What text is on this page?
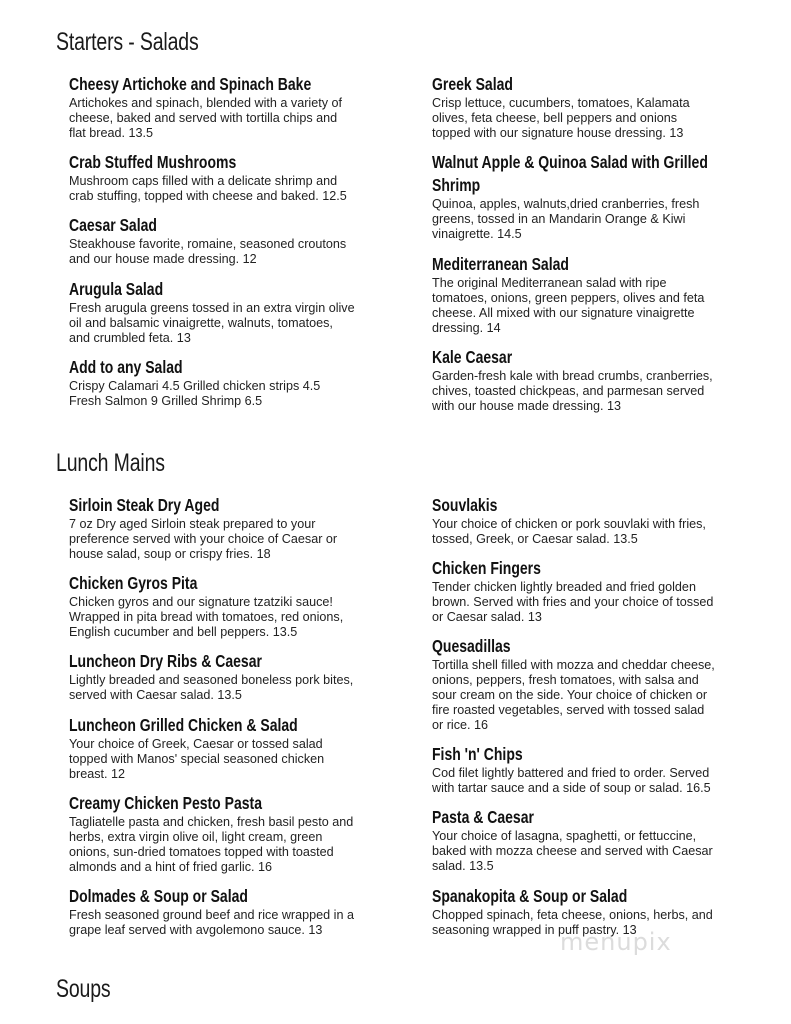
Starters - Salads
Cheesy Artichoke and Spinach Bake
Artichokes and spinach, blended with a variety of
cheese, baked and served with tortilla chips and
flat bread. 13.5
Crab Stuffed Mushrooms
Mushroom caps filled with a delicate shrimp and
crab stuffing, topped with cheese and baked. 12.5
Caesar Salad
Steakhouse favorite, romaine, seasoned croutons
and our house made dressing. 12
Arugula Salad
Fresh arugula greens tossed in an extra virgin olive
oil and balsamic vinaigrette, walnuts, tomatoes,
and crumbled feta. 13
Add to any Salad
Crispy Calamari 4.5 Grilled chicken strips 4.5
Fresh Salmon 9 Grilled Shrimp 6.5
Greek Salad
Crisp lettuce, cucumbers, tomatoes, Kalamata
olives, feta cheese, bell peppers and onions
topped with our signature house dressing. 13
Walnut Apple & Quinoa Salad with Grilled Shrimp
Quinoa, apples, walnuts,dried cranberries, fresh
greens, tossed in an Mandarin Orange & Kiwi
vinaigrette. 14.5
Mediterranean Salad
The original Mediterranean salad with ripe
tomatoes, onions, green peppers, olives and feta
cheese. All mixed with our signature vinaigrette
dressing. 14
Kale Caesar
Garden-fresh kale with bread crumbs, cranberries,
chives, toasted chickpeas, and parmesan served
with our house made dressing. 13
Lunch Mains
Sirloin Steak Dry Aged
7 oz Dry aged Sirloin steak prepared to your
preference served with your choice of Caesar or
house salad, soup or crispy fries. 18
Chicken Gyros Pita
Chicken gyros and our signature tzatziki sauce!
Wrapped in pita bread with tomatoes, red onions,
English cucumber and bell peppers. 13.5
Luncheon Dry Ribs & Caesar
Lightly breaded and seasoned boneless pork bites,
served with Caesar salad. 13.5
Luncheon Grilled Chicken & Salad
Your choice of Greek, Caesar or tossed salad
topped with Manos' special seasoned chicken
breast. 12
Creamy Chicken Pesto Pasta
Tagliatelle pasta and chicken, fresh basil pesto and
herbs, extra virgin olive oil, light cream, green
onions, sun-dried tomatoes topped with toasted
almonds and a hint of fried garlic. 16
Dolmades & Soup or Salad
Fresh seasoned ground beef and rice wrapped in a
grape leaf served with avgolemono sauce. 13
Souvlakis
Your choice of chicken or pork souvlaki with fries,
tossed, Greek, or Caesar salad. 13.5
Chicken Fingers
Tender chicken lightly breaded and fried golden
brown. Served with fries and your choice of tossed
or Caesar salad. 13
Quesadillas
Tortilla shell filled with mozza and cheddar cheese,
onions, peppers, fresh tomatoes, with salsa and
sour cream on the side. Your choice of chicken or
fire roasted vegetables, served with tossed salad
or rice. 16
Fish 'n' Chips
Cod filet lightly battered and fried to order. Served
with tartar sauce and a side of soup or salad. 16.5
Pasta & Caesar
Your choice of lasagna, spaghetti, or fettuccine,
baked with mozza cheese and served with Caesar
salad. 13.5
Spanakopita & Soup or Salad
Chopped spinach, feta cheese, onions, herbs, and
seasoning wrapped in puff pastry. 13
Soups
menupix
